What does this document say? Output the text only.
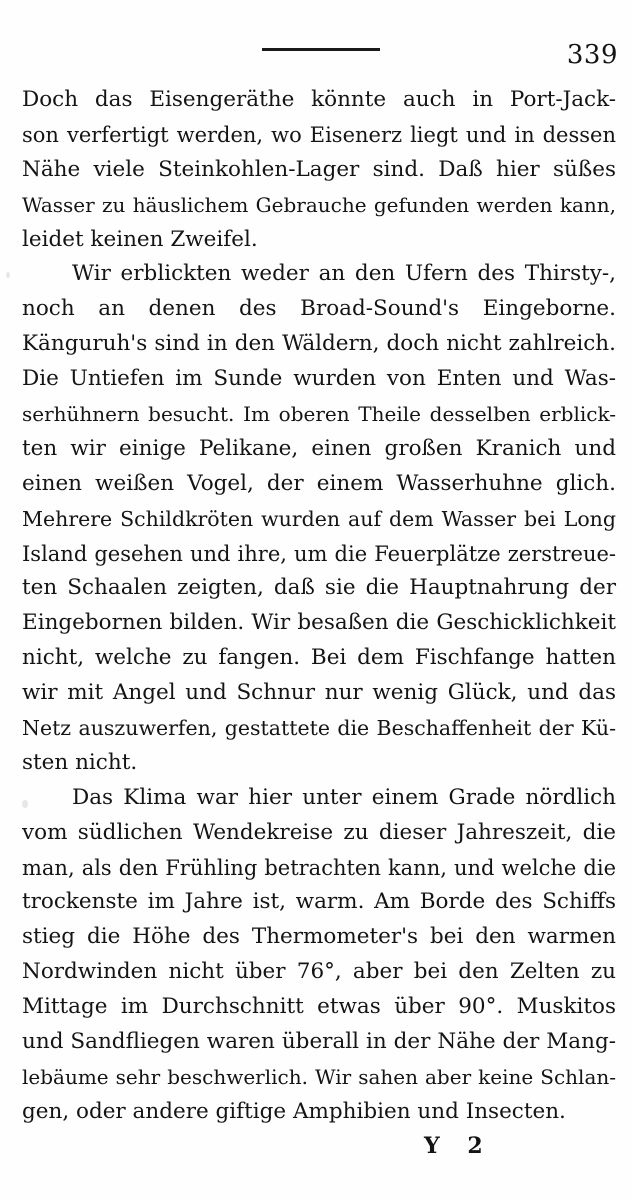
339
Doch das Eisengeräthe könnte auch in Port-Jack-
son verfertigt werden, wo Eisenerz liegt und in dessen
Nähe viele Steinkohlen-Lager sind. Daß hier süßes
Wasser zu häuslichem Gebrauche gefunden werden kann,
leidet keinen Zweifel.
Wir erblickten weder an den Ufern des Thirsty-,
noch an denen des Broad-Sound's Eingeborne.
Känguruh's sind in den Wäldern, doch nicht zahlreich.
Die Untiefen im Sunde wurden von Enten und Was-
serhühnern besucht. Im oberen Theile desselben erblick-
ten wir einige Pelikane, einen großen Kranich und
einen weißen Vogel, der einem Wasserhuhne glich.
Mehrere Schildkröten wurden auf dem Wasser bei Long
Island gesehen und ihre, um die Feuerplätze zerstreue-
ten Schaalen zeigten, daß sie die Hauptnahrung der
Eingebornen bilden. Wir besaßen die Geschicklichkeit
nicht, welche zu fangen. Bei dem Fischfange hatten
wir mit Angel und Schnur nur wenig Glück, und das
Netz auszuwerfen, gestattete die Beschaffenheit der Kü-
sten nicht.
Das Klima war hier unter einem Grade nördlich
vom südlichen Wendekreise zu dieser Jahreszeit, die
man, als den Frühling betrachten kann, und welche die
trockenste im Jahre ist, warm. Am Borde des Schiffs
stieg die Höhe des Thermometer's bei den warmen
Nordwinden nicht über 76°, aber bei den Zelten zu
Mittage im Durchschnitt etwas über 90°. Muskitos
und Sandfliegen waren überall in der Nähe der Mang-
lebäume sehr beschwerlich. Wir sahen aber keine Schlan-
gen, oder andere giftige Amphibien und Insecten.
Y 2
